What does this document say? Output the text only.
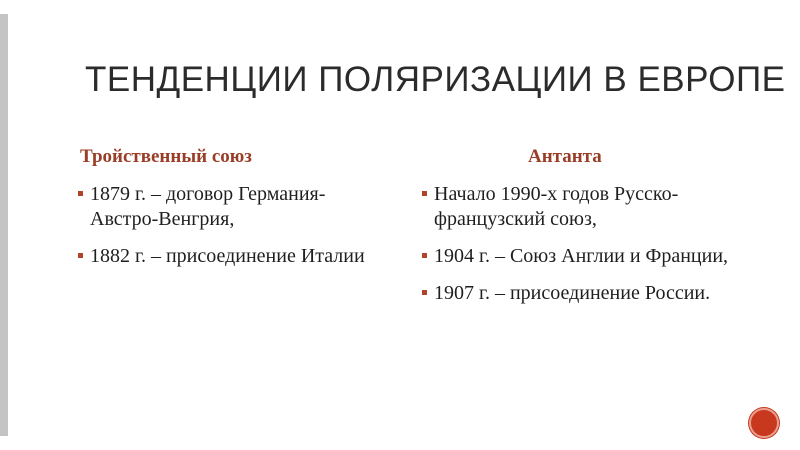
ТЕНДЕНЦИИ ПОЛЯРИЗАЦИИ В ЕВРОПЕ
Тройственный союз	Антанта
1879 г. – договор Германия-Австро-Венгрия,
1882 г. – присоединение Италии
Начало 1990-х годов Русско-французский союз,
1904 г. – Союз Англии и Франции,
1907 г. – присоединение России.
